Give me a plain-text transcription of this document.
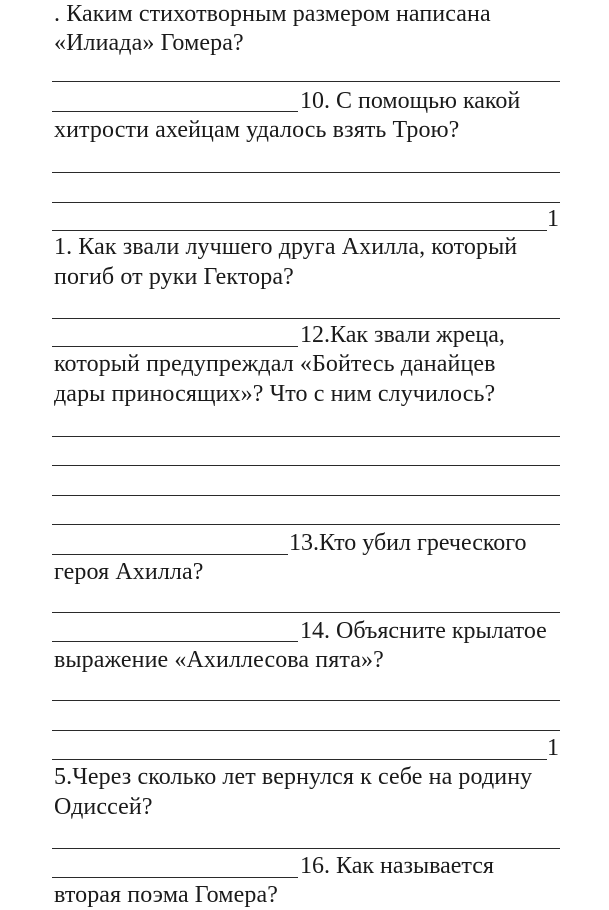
. Каким стихотворным размером написана
«Илиада» Гомера?
10. С помощью какой
хитрости ахейцам удалось взять Трою?
1
1. Как звали лучшего друга Ахилла, который
погиб от руки Гектора?
12.Как звали жреца,
который предупреждал «Бойтесь данайцев
дары приносящих»? Что с ним случилось?
13.Кто убил греческого
героя Ахилла?
14. Объясните крылатое
выражение «Ахиллесова пята»?
1
5.Через сколько лет вернулся к себе на родину
Одиссей?
16. Как называется
вторая поэма Гомера?
